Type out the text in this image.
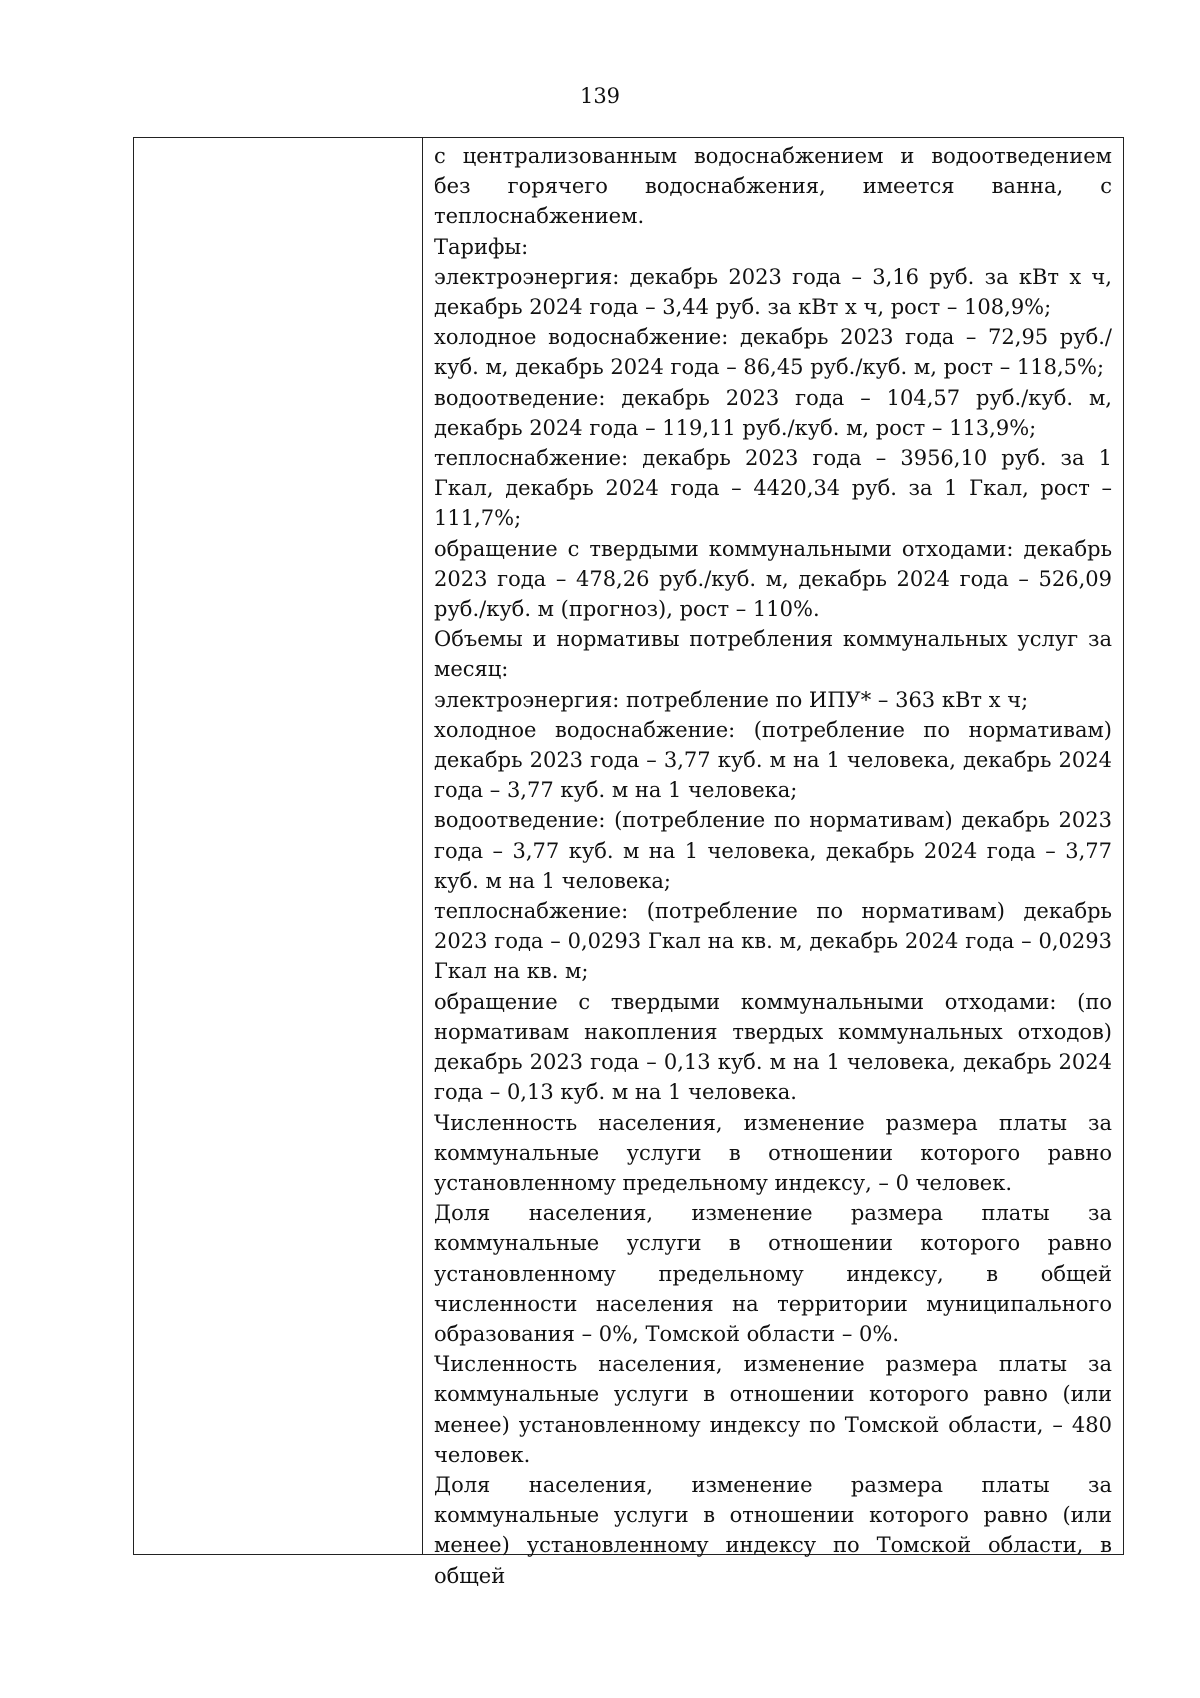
139

с централизованным водоснабжением и водоотведением без горячего водоснабжения, имеется ванна, с теплоснабжением.

Тарифы:

электроэнергия: декабрь 2023 года – 3,16 руб. за кВт х ч, декабрь 2024 года – 3,44 руб. за кВт х ч, рост – 108,9%;

холодное водоснабжение: декабрь 2023 года – 72,95 руб./куб. м, декабрь 2024 года – 86,45 руб./куб. м, рост – 118,5%;

водоотведение: декабрь 2023 года – 104,57 руб./куб. м, декабрь 2024 года – 119,11 руб./куб. м, рост – 113,9%;

теплоснабжение: декабрь 2023 года – 3956,10 руб. за 1 Гкал, декабрь 2024 года – 4420,34 руб. за 1 Гкал, рост – 111,7%;

обращение с твердыми коммунальными отходами: декабрь 2023 года – 478,26 руб./куб. м, декабрь 2024 года – 526,09 руб./куб. м (прогноз), рост – 110%.

Объемы и нормативы потребления коммунальных услуг за месяц:

электроэнергия: потребление по ИПУ* – 363 кВт х ч;

холодное водоснабжение: (потребление по нормативам) декабрь 2023 года – 3,77 куб. м на 1 человека, декабрь 2024 года – 3,77 куб. м на 1 человека;

водоотведение: (потребление по нормативам) декабрь 2023 года – 3,77 куб. м на 1 человека, декабрь 2024 года – 3,77 куб. м на 1 человека;

теплоснабжение: (потребление по нормативам) декабрь 2023 года – 0,0293 Гкал на кв. м, декабрь 2024 года – 0,0293 Гкал на кв. м;

обращение с твердыми коммунальными отходами: (по нормативам накопления твердых коммунальных отходов) декабрь 2023 года – 0,13 куб. м на 1 человека, декабрь 2024 года – 0,13 куб. м на 1 человека.

Численность населения, изменение размера платы за коммунальные услуги в отношении которого равно установленному предельному индексу, – 0 человек.

Доля населения, изменение размера платы за коммунальные услуги в отношении которого равно установленному предельному индексу, в общей численности населения на территории муниципального образования – 0%, Томской области – 0%.

Численность населения, изменение размера платы за коммунальные услуги в отношении которого равно (или менее) установленному индексу по Томской области, – 480 человек.

Доля населения, изменение размера платы за коммунальные услуги в отношении которого равно (или менее) установленному индексу по Томской области, в общей
